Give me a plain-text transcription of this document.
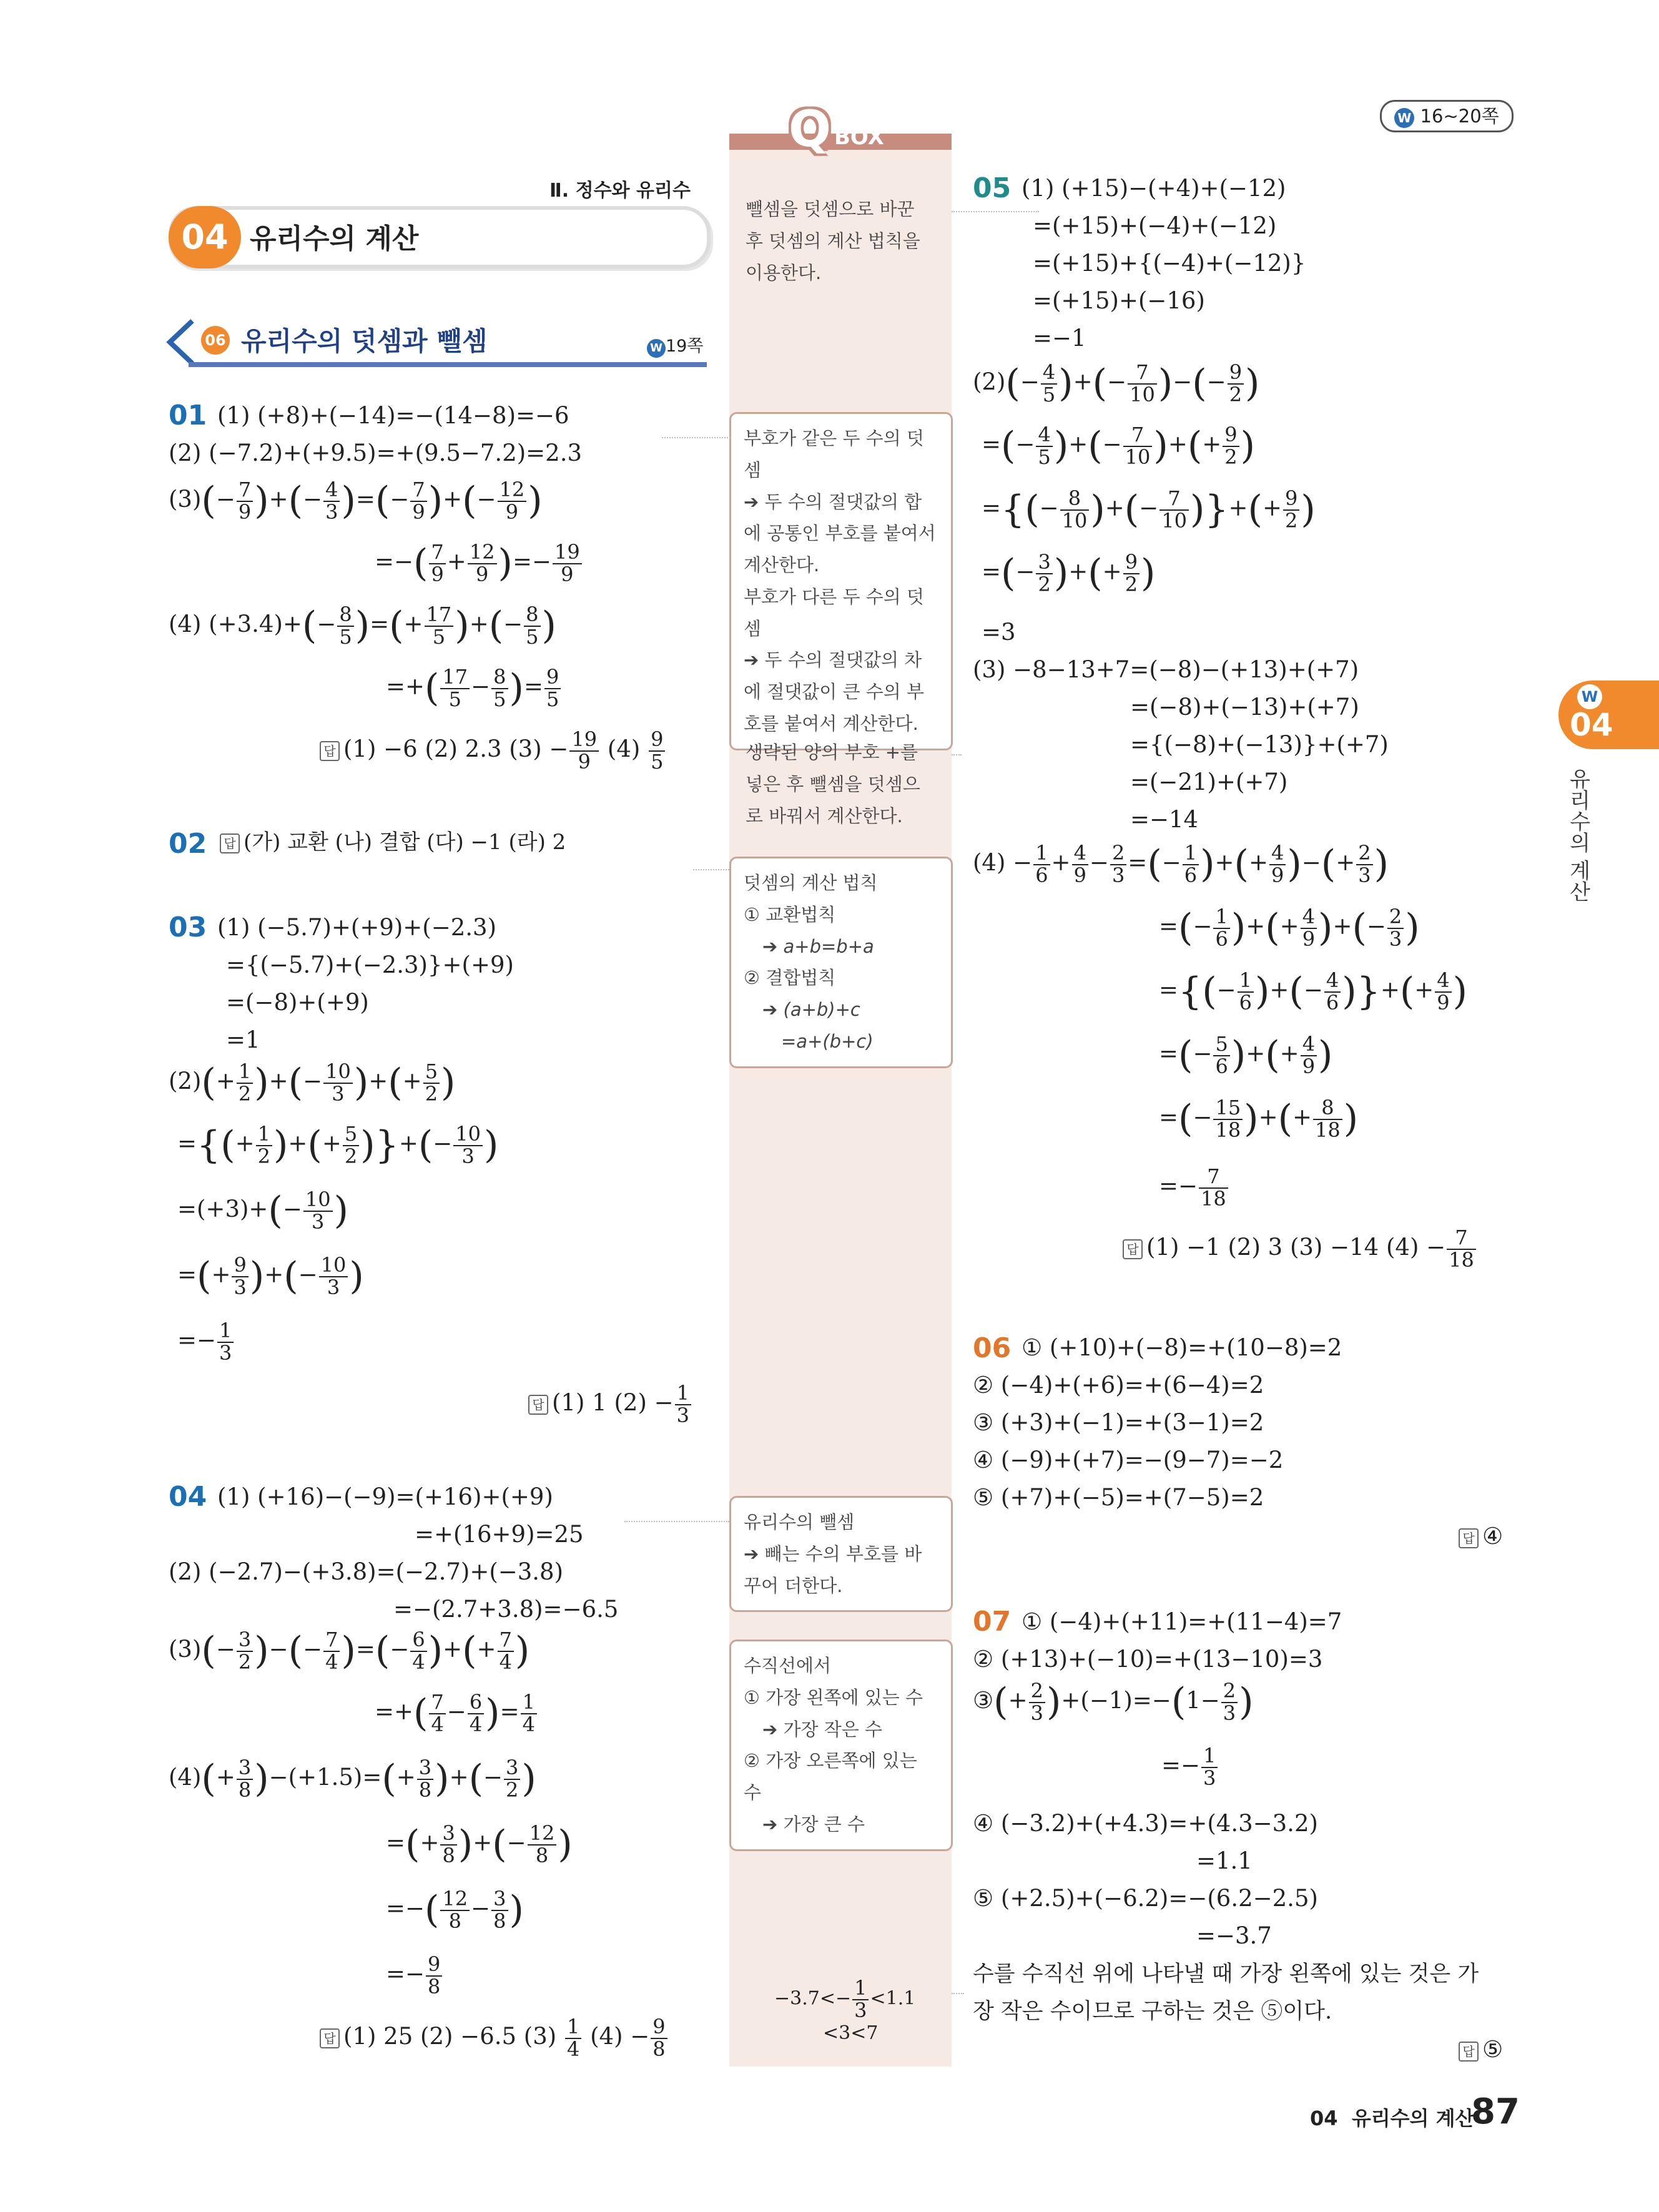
W 16~20쪽
Ⅱ. 정수와 유리수
04 유리수의 계산
06 유리수의 덧셈과 뺄셈	W 19쪽
Q BOX
뺄셈을 덧셈으로 바꾼 후 덧셈의 계산 법칙을 이용한다.
부호가 같은 두 수의 덧셈
➔ 두 수의 절댓값의 합에 공통인 부호를 붙여서 계산한다.
부호가 다른 두 수의 덧셈
➔ 두 수의 절댓값의 차에 절댓값이 큰 수의 부호를 붙여서 계산한다.
생략된 양의 부호 +를 넣은 후 뺄셈을 덧셈으로 바꿔서 계산한다.
덧셈의 계산 법칙
① 교환법칙
➔ a+b=b+a
② 결합법칙
➔ (a+b)+c
=a+(b+c)
유리수의 뺄셈
➔ 빼는 수의 부호를 바꾸어 더한다.
수직선에서
① 가장 왼쪽에 있는 수
➔ 가장 작은 수
② 가장 오른쪽에 있는 수
➔ 가장 큰 수
$-3.7<- \frac{1}{3} <1.1$
<3<7
01 (1) (+8)+(−14)=−(14−8)=−6
(2) (−7.2)+(+9.5)=+(9.5−7.2)=2.3
$(3)(- \frac{7}{9}$ )+(− $\frac{4}{3}$ )=(− $\frac{7}{9}$ )+(− $\frac{12}{9}$ )
=−( $\frac{7}{9} + \frac{12}{9}$ )=− $\frac{19}{9}$
(4) $(+3.4)+(- \frac{8}{5}$ )=(+ $\frac{17}{5}$ )+(− $\frac{8}{5}$ )
=+( $\frac{17}{5} - \frac{8}{5}$ )= $\frac{9}{5}$
답 (1) −6 (2) 2.3 $(3) - \frac{19}{9} (4) \frac{9}{5}$
02	답 (가) 교환 (나) 결합 (다) −1 (라) 2
03 (1) (−5.7)+(+9)+(−2.3)
={(−5.7)+(−2.3)}+(+9)
=(−8)+(+9)
=1
$(2)(+ \frac{1}{2}$ )+(− $\frac{10}{3}$ )+(+ $\frac{5}{2}$ )
={(+ $\frac{1}{2}$ )+(+ $\frac{5}{2}$ )}+(− $\frac{10}{3}$ )
$=(+3)+(- \frac{10}{3}$ )
=(+ $\frac{9}{3}$ )+(− $\frac{10}{3}$ )
=− $\frac{1}{3}$
답 (1) 1 $(2) - \frac{1}{3}$
04 (1) (+16)−(−9)=(+16)+(+9)
=+(16+9)=25
(2) (−2.7)−(+3.8)=(−2.7)+(−3.8)
=−(2.7+3.8)=−6.5
$(3)(- \frac{3}{2}$ )−(− $\frac{7}{4}$ )=(− $\frac{6}{4}$ )+(+ $\frac{7}{4}$ )
=+( $\frac{7}{4} - \frac{6}{4}$ )= $\frac{1}{4}$
$(4)(+ \frac{3}{8} )-(+1.5)=(+ \frac{3}{8}$ )+(− $\frac{3}{2}$ )
=(+ $\frac{3}{8}$ )+(− $\frac{12}{8}$ )
=−( $\frac{12}{8} - \frac{3}{8}$ )
=− $\frac{9}{8}$
답 (1) 25 (2) −6.5 $(3) \frac{1}{4} (4) - \frac{9}{8}$
05 (1) (+15)−(+4)+(−12)
=(+15)+(−4)+(−12)
=(+15)+{(−4)+(−12)}
=(+15)+(−16)
=−1
$(2)(- \frac{4}{5}$ )+(− $\frac{7}{10}$ )−(− $\frac{9}{2}$ )
=(− $\frac{4}{5}$ )+(− $\frac{7}{10}$ )+(+ $\frac{9}{2}$ )
={(− $\frac{8}{10}$ )+(− $\frac{7}{10}$ )}+(+ $\frac{9}{2}$ )
=(− $\frac{3}{2}$ )+(+ $\frac{9}{2}$ )
=3
(3) −8−13+7=(−8)−(+13)+(+7)
=(−8)+(−13)+(+7)
={(−8)+(−13)}+(+7)
=(−21)+(+7)
=−14
$(4) - \frac{1}{6} + \frac{4}{9} - \frac{2}{3}$ =(− $\frac{1}{6}$ )+(+ $\frac{4}{9}$ )−(+ $\frac{2}{3}$ )
=(− $\frac{1}{6}$ )+(+ $\frac{4}{9}$ )+(− $\frac{2}{3}$ )
={(− $\frac{1}{6}$ )+(− $\frac{4}{6}$ )}+(+ $\frac{4}{9}$ )
=(− $\frac{5}{6}$ )+(+ $\frac{4}{9}$ )
=(− $\frac{15}{18}$ )+(+ $\frac{8}{18}$ )
=− $\frac{7}{18}$
답 (1) −1 (2) 3 (3) −14 $(4) - \frac{7}{18}$
06 ① (+10)+(−8)=+(10−8)=2
② (−4)+(+6)=+(6−4)=2
③ (+3)+(−1)=+(3−1)=2
④ (−9)+(+7)=−(9−7)=−2
⑤ (+7)+(−5)=+(7−5)=2
답 ④
07 ① (−4)+(+11)=+(11−4)=7
② (+13)+(−10)=+(13−10)=3
③(+ $\frac{2}{3} )+(-1)=-(1- \frac{2}{3}$ )
=− $\frac{1}{3}$
④ (−3.2)+(+4.3)=+(4.3−3.2)
=1.1
⑤ (+2.5)+(−6.2)=−(6.2−2.5)
=−3.7
수를 수직선 위에 나타낼 때 가장 왼쪽에 있는 것은 가
장 작은 수이므로 구하는 것은 ⑤이다.
답 ⑤
W
04
유리수의 계산
04  유리수의 계산
87
